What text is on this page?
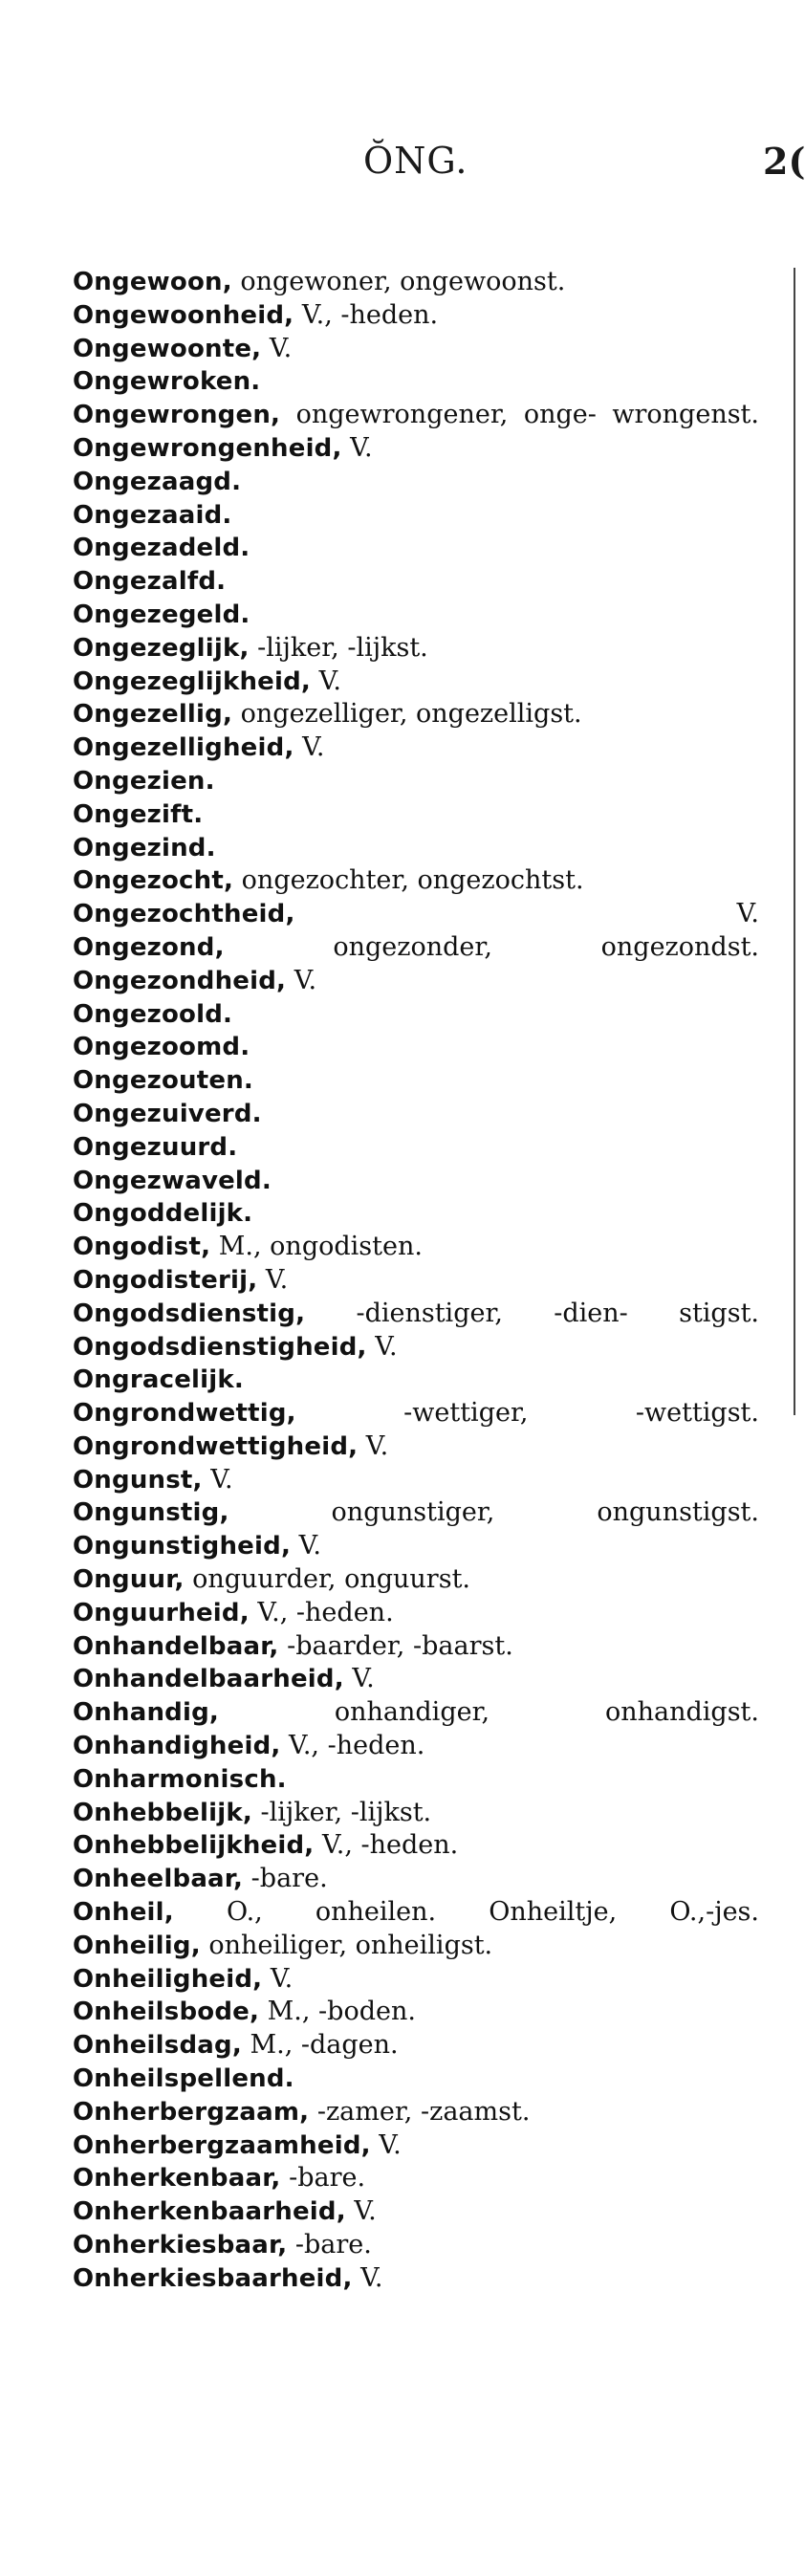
ŎNG.	2(
Ongewoon, ongewoner, ongewoonst.
Ongewoonheid, V., -heden.
Ongewoonte, V.
Ongewroken.
Ongewrongen, ongewrongener, onge- wrongenst.
Ongewrongenheid, V.
Ongezaagd.
Ongezaaid.
Ongezadeld.
Ongezalfd.
Ongezegeld.
Ongezeglijk, -lijker, -lijkst.
Ongezeglijkheid, V.
Ongezellig, ongezelliger, ongezelligst.
Ongezelligheid, V.
Ongezien.
Ongezift.
Ongezind.
Ongezocht, ongezochter, ongezochtst.
Ongezochtheid, V.
Ongezond, ongezonder, ongezondst.
Ongezondheid, V.
Ongezoold.
Ongezoomd.
Ongezouten.
Ongezuiverd.
Ongezuurd.
Ongezwaveld.
Ongoddelijk.
Ongodist, M., ongodisten.
Ongodisterij, V.
Ongodsdienstig, -dienstiger, -dien- stigst.
Ongodsdienstigheid, V.
Ongracelijk.
Ongrondwettig, -wettiger, -wettigst.
Ongrondwettigheid, V.
Ongunst, V.
Ongunstig, ongunstiger, ongunstigst.
Ongunstigheid, V.
Onguur, onguurder, onguurst.
Onguurheid, V., -heden.
Onhandelbaar, -baarder, -baarst.
Onhandelbaarheid, V.
Onhandig, onhandiger, onhandigst.
Onhandigheid, V., -heden.
Onharmonisch.
Onhebbelijk, -lijker, -lijkst.
Onhebbelijkheid, V., -heden.
Onheelbaar, -bare.
Onheil, O., onheilen. Onheiltje, O.,-jes.
Onheilig, onheiliger, onheiligst.
Onheiligheid, V.
Onheilsbode, M., -boden.
Onheilsdag, M., -dagen.
Onheilspellend.
Onherbergzaam, -zamer, -zaamst.
Onherbergzaamheid, V.
Onherkenbaar, -bare.
Onherkenbaarheid, V.
Onherkiesbaar, -bare.
Onherkiesbaarheid, V.
